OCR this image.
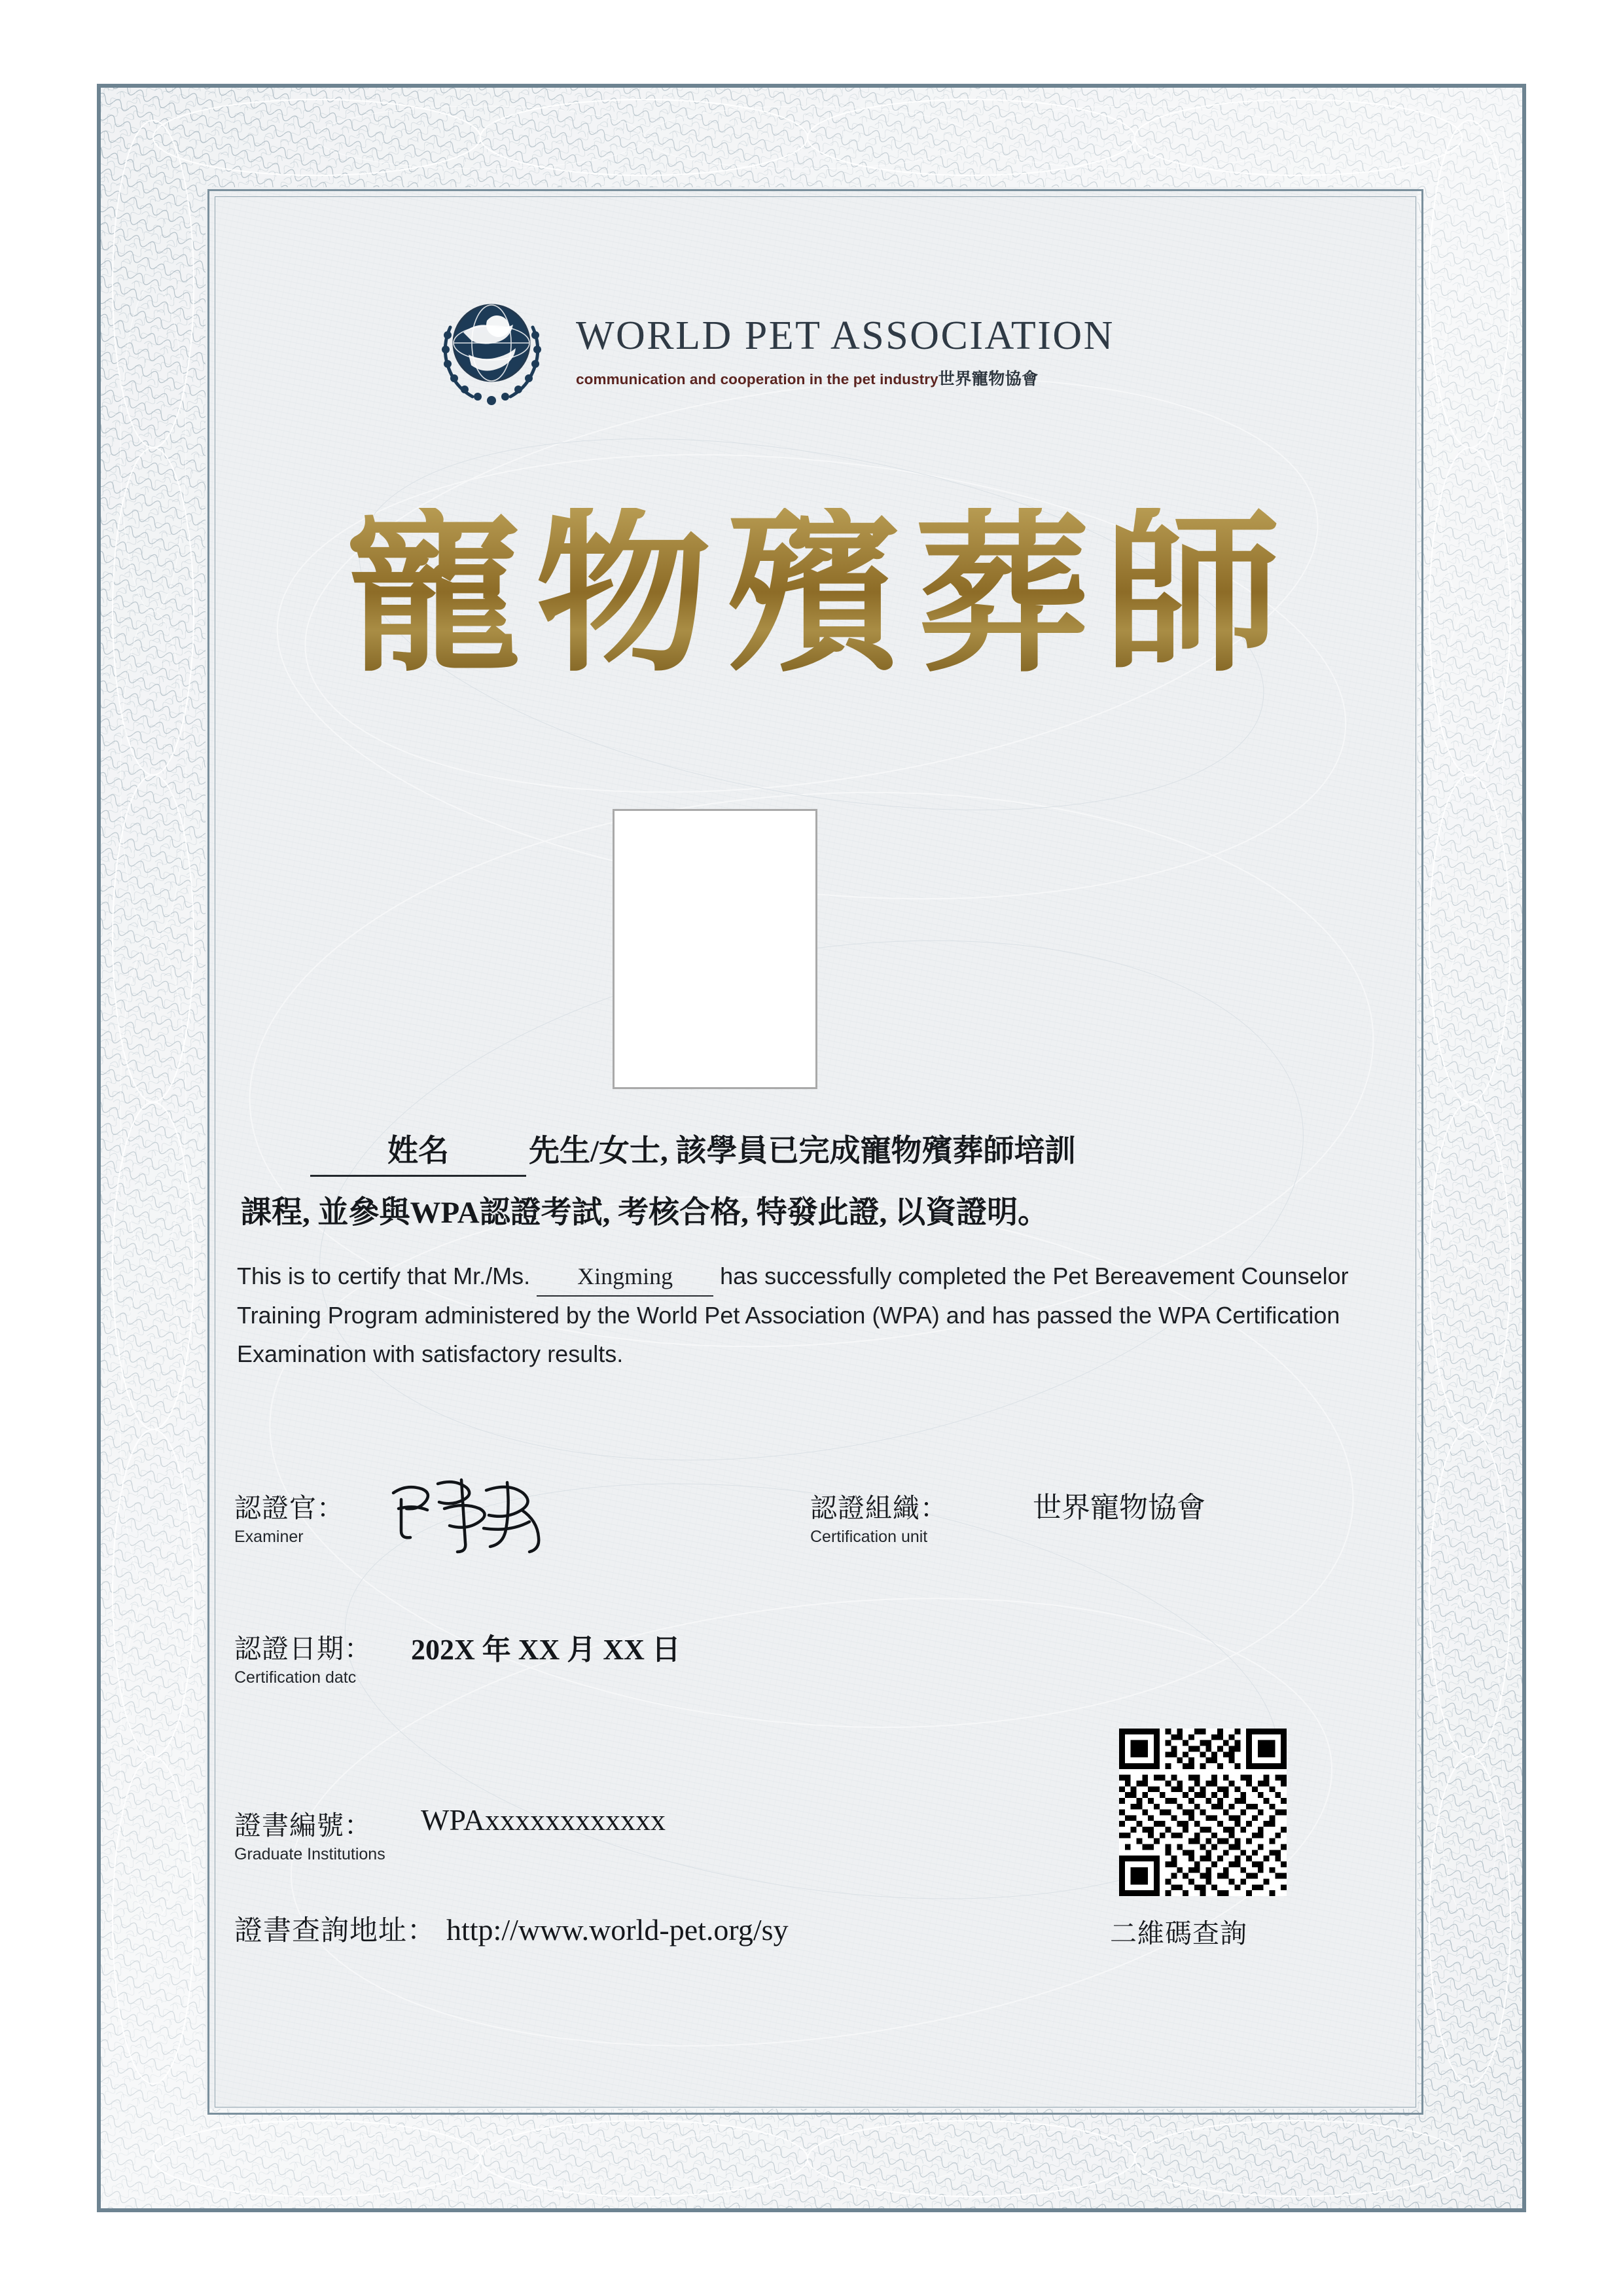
WORLD PET ASSOCIATION
communication and cooperation in the pet industry世界寵物協會
寵物殯葬師
姓名	先生/女士, 該學員已完成寵物殯葬師培訓
課程, 並參與WPA認證考試, 考核合格, 特發此證, 以資證明。
This is to certify that Mr./Ms. Xingming has successfully completed the Pet Bereavement Counselor Training Program administered by the World Pet Association (WPA) and has passed the WPA Certification Examination with satisfactory results.
認證官：
Examiner
認證組織：
Certification unit
世界寵物協會
認證日期：
Certification datc
202X 年 XX 月 XX 日
證書編號：
Graduate Institutions
WPAxxxxxxxxxxxx
證書查詢地址： http://www.world-pet.org/sy	二維碼查詢
